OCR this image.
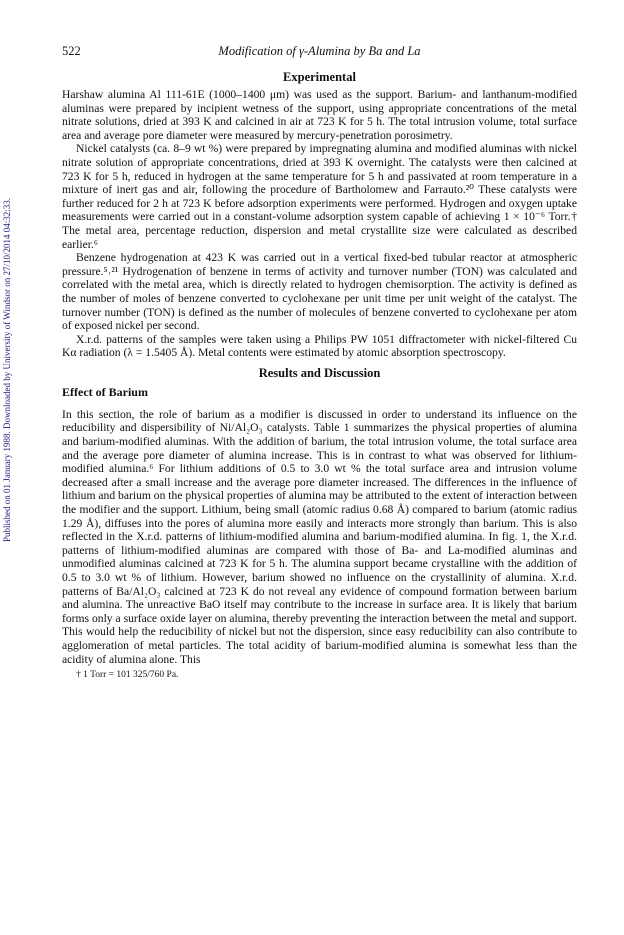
Published on 01 January 1988. Downloaded by University of Windsor on 27/10/2014 04:32:33.
522	Modification of γ-Alumina by Ba and La
Experimental

Harshaw alumina Al 111-61E (1000–1400 μm) was used as the support. Barium- and lanthanum-modified aluminas were prepared by incipient wetness of the support, using appropriate concentrations of the metal nitrate solutions, dried at 393 K and calcined in air at 723 K for 5 h. The total intrusion volume, total surface area and average pore diameter were measured by mercury-penetration porosimetry.

Nickel catalysts (ca. 8–9 wt %) were prepared by impregnating alumina and modified aluminas with nickel nitrate solution of appropriate concentrations, dried at 393 K overnight. The catalysts were then calcined at 723 K for 5 h, reduced in hydrogen at the same temperature for 5 h and passivated at room temperature in a mixture of inert gas and air, following the procedure of Bartholomew and Farrauto.²⁰ These catalysts were further reduced for 2 h at 723 K before adsorption experiments were performed. Hydrogen and oxygen uptake measurements were carried out in a constant-volume adsorption system capable of achieving 1 × 10⁻⁶ Torr.† The metal area, percentage reduction, dispersion and metal crystallite size were calculated as described earlier.⁶

Benzene hydrogenation at 423 K was carried out in a vertical fixed-bed tubular reactor at atmospheric pressure.⁵˒²¹ Hydrogenation of benzene in terms of activity and turnover number (TON) was calculated and correlated with the metal area, which is directly related to hydrogen chemisorption. The activity is defined as the number of moles of benzene converted to cyclohexane per unit time per unit weight of the catalyst. The turnover number (TON) is defined as the number of molecules of benzene converted to cyclohexane per atom of exposed nickel per second.

X.r.d. patterns of the samples were taken using a Philips PW 1051 diffractometer with nickel-filtered Cu Kα radiation (λ = 1.5405 Å). Metal contents were estimated by atomic absorption spectroscopy.

Results and Discussion
Effect of Barium

In this section, the role of barium as a modifier is discussed in order to understand its influence on the reducibility and dispersibility of Ni/Al₂O₃ catalysts. Table 1 summarizes the physical properties of alumina and barium-modified aluminas. With the addition of barium, the total intrusion volume, the total surface area and the average pore diameter of alumina increase. This is in contrast to what was observed for lithium-modified alumina.⁶ For lithium additions of 0.5 to 3.0 wt % the total surface area and intrusion volume decreased after a small increase and the average pore diameter increased. The differences in the influence of lithium and barium on the physical properties of alumina may be attributed to the extent of interaction between the modifier and the support. Lithium, being small (atomic radius 0.68 Å) compared to barium (atomic radius 1.29 Å), diffuses into the pores of alumina more easily and interacts more strongly than barium. This is also reflected in the X.r.d. patterns of lithium-modified alumina and barium-modified alumina. In fig. 1, the X.r.d. patterns of lithium-modified aluminas are compared with those of Ba- and La-modified aluminas and unmodified aluminas calcined at 723 K for 5 h. The alumina support became crystalline with the addition of 0.5 to 3.0 wt % of lithium. However, barium showed no influence on the crystallinity of alumina. X.r.d. patterns of Ba/Al₂O₃ calcined at 723 K do not reveal any evidence of compound formation between barium and alumina. The unreactive BaO itself may contribute to the increase in surface area. It is likely that barium forms only a surface oxide layer on alumina, thereby preventing the interaction between the metal and support. This would help the reducibility of nickel but not the dispersion, since easy reducibility can also contribute to agglomeration of metal particles. The total acidity of barium-modified alumina is somewhat less than the acidity of alumina alone. This

† 1 Torr = 101 325/760 Pa.
